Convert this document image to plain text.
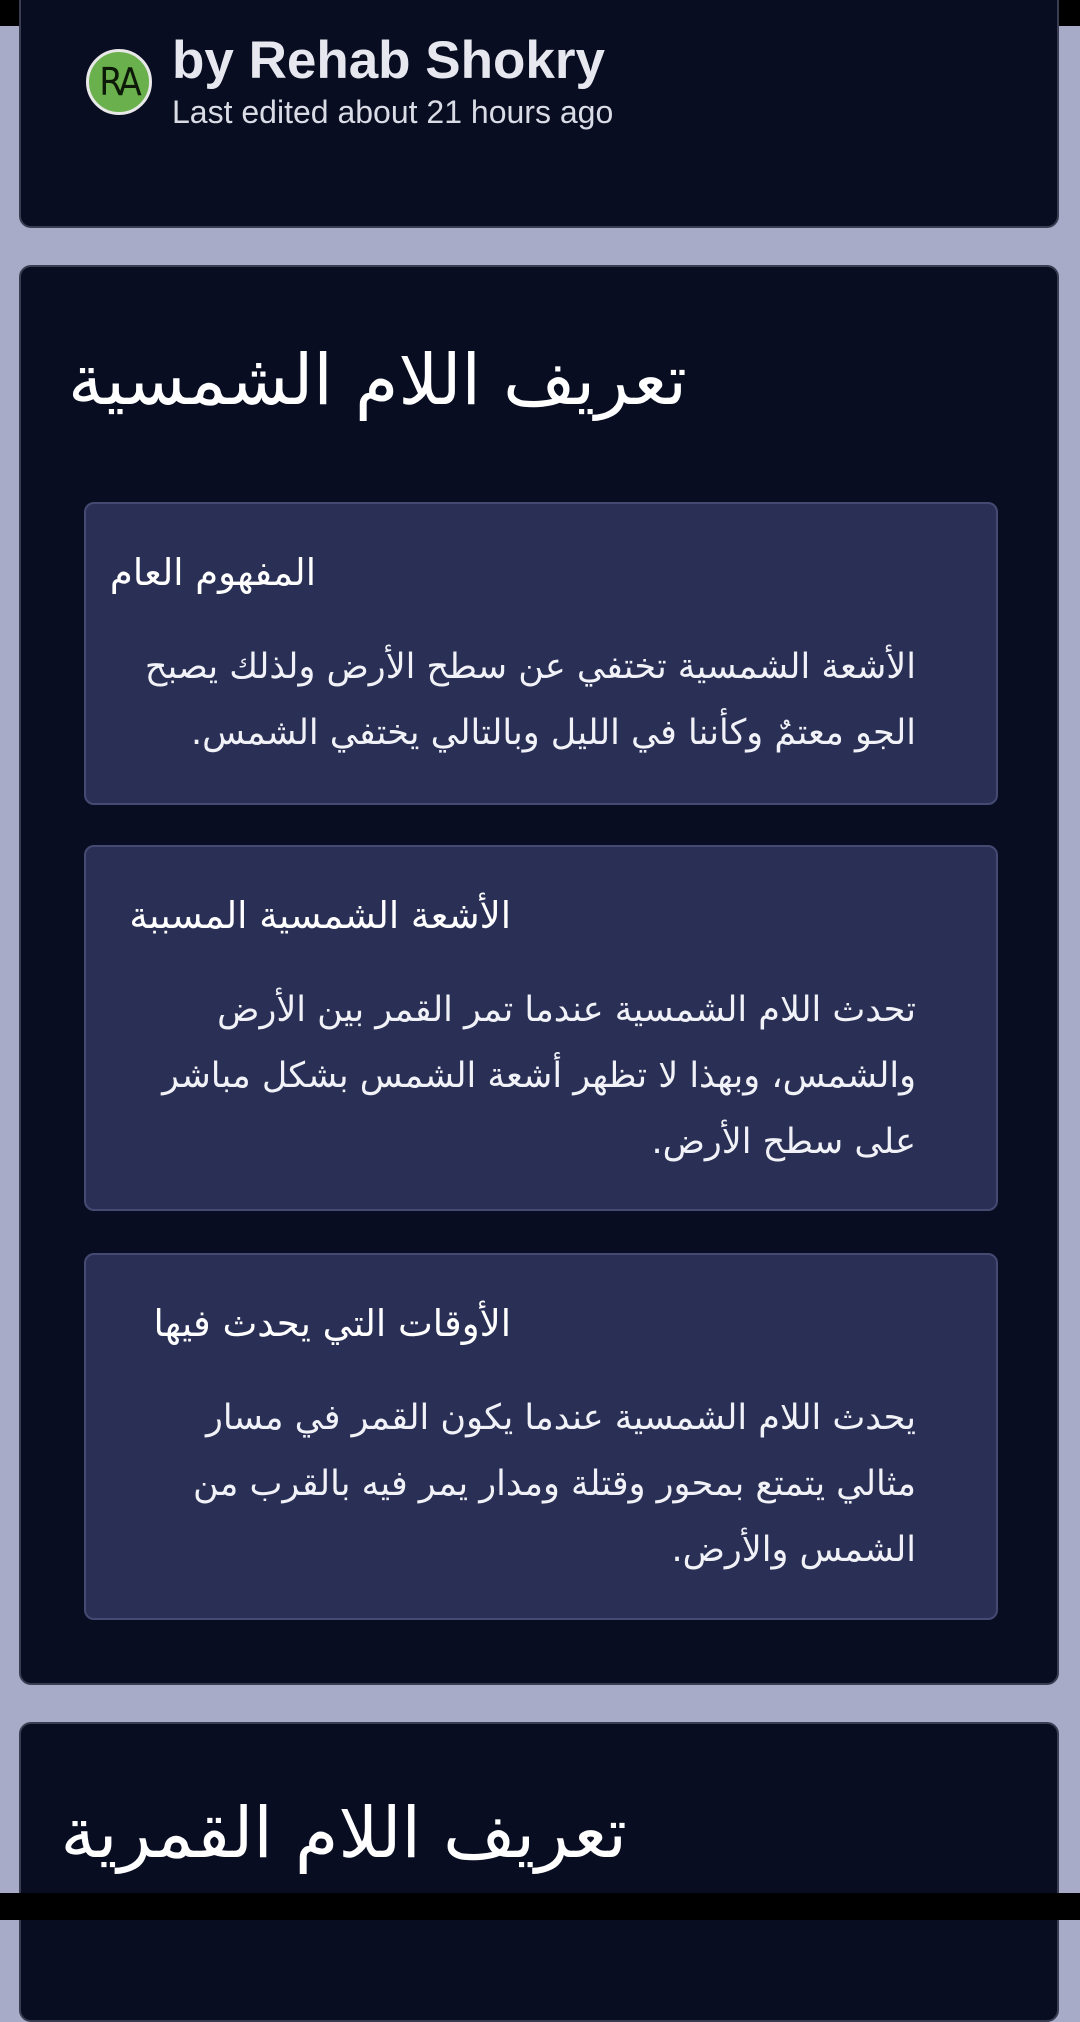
RA by Rehab Shokry
Last edited about 21 hours ago
تعريف اللام الشمسية
المفهوم العام
الأشعة الشمسية تختفي عن سطح الأرض ولذلك يصبح الجو معتمٌ وكأننا في الليل وبالتالي يختفي الشمس.
الأشعة الشمسية المسببة
تحدث اللام الشمسية عندما تمر القمر بين الأرض والشمس، وبهذا لا تظهر أشعة الشمس بشكل مباشر على سطح الأرض.
الأوقات التي يحدث فيها
يحدث اللام الشمسية عندما يكون القمر في مسار مثالي يتمتع بمحور وقتلة ومدار يمر فيه بالقرب من الشمس والأرض.
تعريف اللام القمرية
